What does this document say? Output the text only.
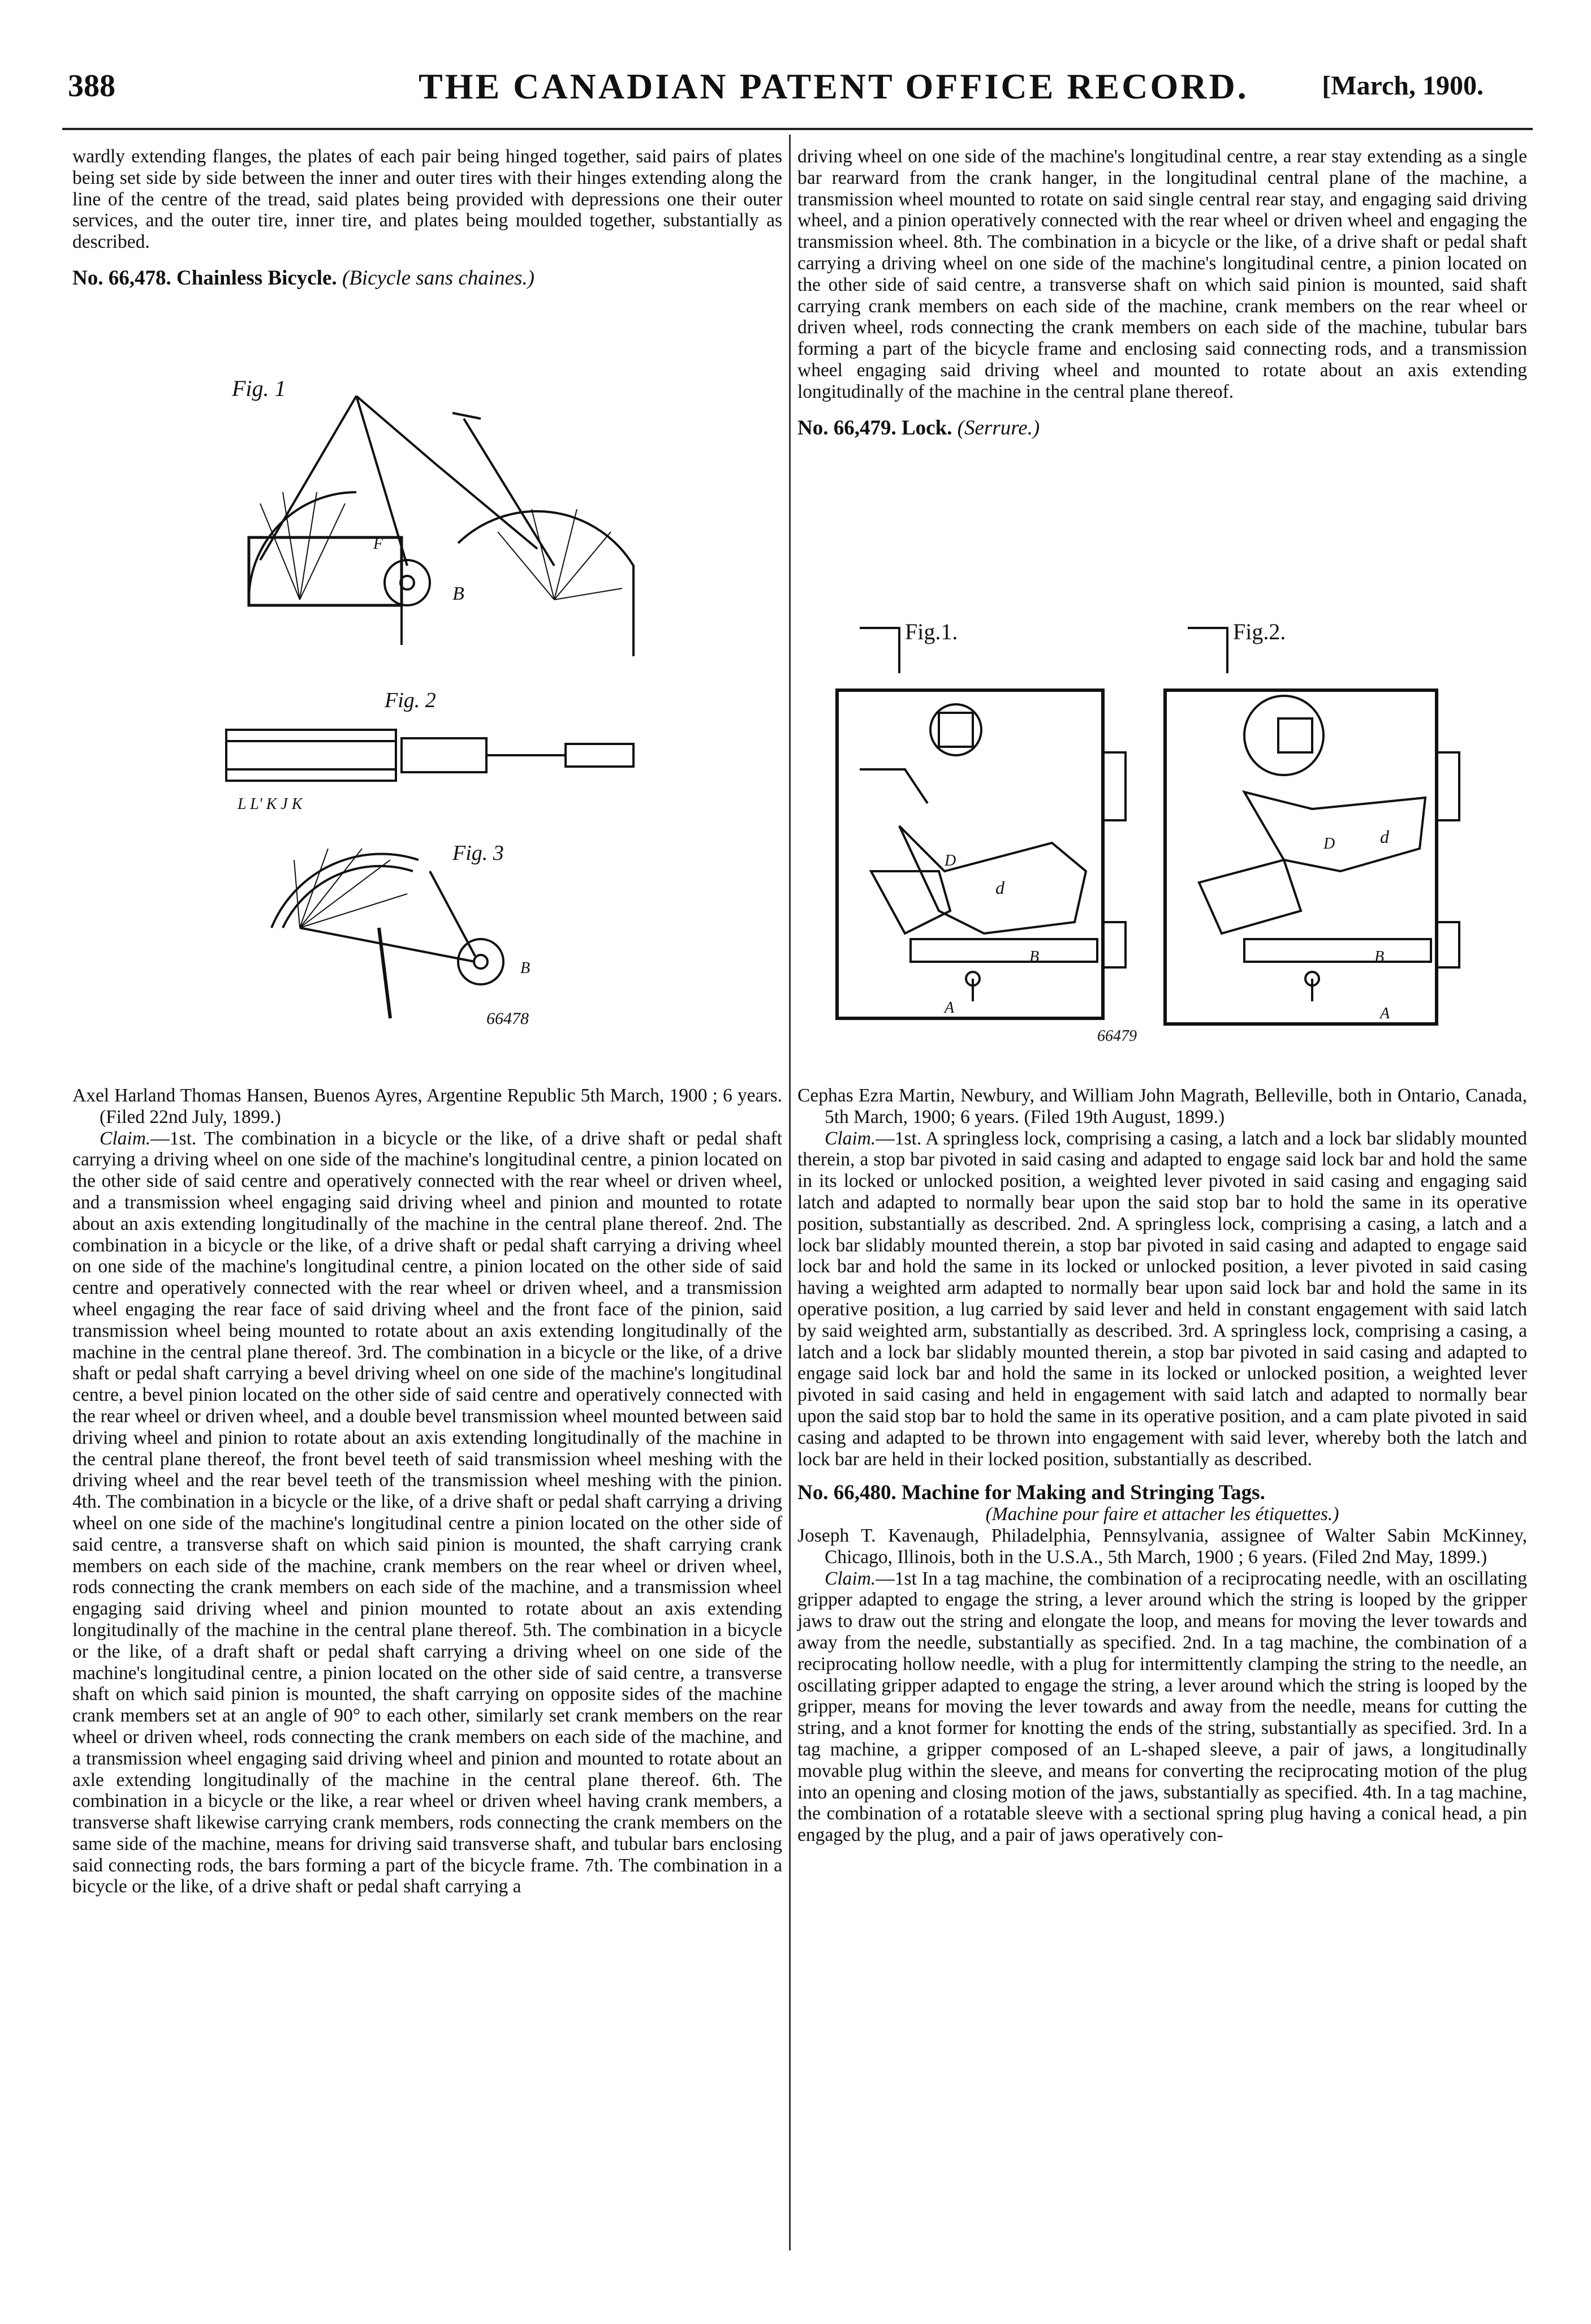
388	THE CANADIAN PATENT OFFICE RECORD.	[March, 1900.

wardly extending flanges, the plates of each pair being hinged together, said pairs of plates being set side by side between the inner and outer tires with their hinges extending along the line of the centre of the tread, said plates being provided with depressions one their outer services, and the outer tire, inner tire, and plates being moulded together, substantially as described.

No. 66,478. Chainless Bicycle. (Bicycle sans chaines.)

Fig. 1
B
F
Fig. 2
L L' K J K
Fig. 3
B
66478

Axel Harland Thomas Hansen, Buenos Ayres, Argentine Republic 5th March, 1900 ; 6 years. (Filed 22nd July, 1899.)

Claim.—1st. The combination in a bicycle or the like, of a drive shaft or pedal shaft carrying a driving wheel on one side of the machine's longitudinal centre, a pinion located on the other side of said centre and operatively connected with the rear wheel or driven wheel, and a transmission wheel engaging said driving wheel and pinion and mounted to rotate about an axis extending longitudinally of the machine in the central plane thereof. 2nd. The combination in a bicycle or the like, of a drive shaft or pedal shaft carrying a driving wheel on one side of the machine's longitudinal centre, a pinion located on the other side of said centre and operatively connected with the rear wheel or driven wheel, and a transmission wheel engaging the rear face of said driving wheel and the front face of the pinion, said transmission wheel being mounted to rotate about an axis extending longitudinally of the machine in the central plane thereof. 3rd. The combination in a bicycle or the like, of a drive shaft or pedal shaft carrying a bevel driving wheel on one side of the machine's longitudinal centre, a bevel pinion located on the other side of said centre and operatively connected with the rear wheel or driven wheel, and a double bevel transmission wheel mounted between said driving wheel and pinion to rotate about an axis extending longitudinally of the machine in the central plane thereof, the front bevel teeth of said transmission wheel meshing with the driving wheel and the rear bevel teeth of the transmission wheel meshing with the pinion. 4th. The combination in a bicycle or the like, of a drive shaft or pedal shaft carrying a driving wheel on one side of the machine's longitudinal centre a pinion located on the other side of said centre, a transverse shaft on which said pinion is mounted, the shaft carrying crank members on each side of the machine, crank members on the rear wheel or driven wheel, rods connecting the crank members on each side of the machine, and a transmission wheel engaging said driving wheel and pinion mounted to rotate about an axis extending longitudinally of the machine in the central plane thereof. 5th. The combination in a bicycle or the like, of a draft shaft or pedal shaft carrying a driving wheel on one side of the machine's longitudinal centre, a pinion located on the other side of said centre, a transverse shaft on which said pinion is mounted, the shaft carrying on opposite sides of the machine crank members set at an angle of 90° to each other, similarly set crank members on the rear wheel or driven wheel, rods connecting the crank members on each side of the machine, and a transmission wheel engaging said driving wheel and pinion and mounted to rotate about an axle extending longitudinally of the machine in the central plane thereof. 6th. The combination in a bicycle or the like, a rear wheel or driven wheel having crank members, a transverse shaft likewise carrying crank members, rods connecting the crank members on the same side of the machine, means for driving said transverse shaft, and tubular bars enclosing said connecting rods, the bars forming a part of the bicycle frame. 7th. The combination in a bicycle or the like, of a drive shaft or pedal shaft carrying a

driving wheel on one side of the machine's longitudinal centre, a rear stay extending as a single bar rearward from the crank hanger, in the longitudinal central plane of the machine, a transmission wheel mounted to rotate on said single central rear stay, and engaging said driving wheel, and a pinion operatively connected with the rear wheel or driven wheel and engaging the transmission wheel. 8th. The combination in a bicycle or the like, of a drive shaft or pedal shaft carrying a driving wheel on one side of the machine's longitudinal centre, a pinion located on the other side of said centre, a transverse shaft on which said pinion is mounted, said shaft carrying crank members on each side of the machine, crank members on the rear wheel or driven wheel, rods connecting the crank members on each side of the machine, tubular bars forming a part of the bicycle frame and enclosing said connecting rods, and a transmission wheel engaging said driving wheel and mounted to rotate about an axis extending longitudinally of the machine in the central plane thereof.

No. 66,479. Lock. (Serrure.)

Fig.1.
d
D
B
A
Fig.2.
D d
B
A
66479

Cephas Ezra Martin, Newbury, and William John Magrath, Belleville, both in Ontario, Canada, 5th March, 1900; 6 years. (Filed 19th August, 1899.)

Claim.—1st. A springless lock, comprising a casing, a latch and a lock bar slidably mounted therein, a stop bar pivoted in said casing and adapted to engage said lock bar and hold the same in its locked or unlocked position, a weighted lever pivoted in said casing and engaging said latch and adapted to normally bear upon the said stop bar to hold the same in its operative position, substantially as described. 2nd. A springless lock, comprising a casing, a latch and a lock bar slidably mounted therein, a stop bar pivoted in said casing and adapted to engage said lock bar and hold the same in its locked or unlocked position, a lever pivoted in said casing having a weighted arm adapted to normally bear upon said lock bar and hold the same in its operative position, a lug carried by said lever and held in constant engagement with said latch by said weighted arm, substantially as described. 3rd. A springless lock, comprising a casing, a latch and a lock bar slidably mounted therein, a stop bar pivoted in said casing and adapted to engage said lock bar and hold the same in its locked or unlocked position, a weighted lever pivoted in said casing and held in engagement with said latch and adapted to normally bear upon the said stop bar to hold the same in its operative position, and a cam plate pivoted in said casing and adapted to be thrown into engagement with said lever, whereby both the latch and lock bar are held in their locked position, substantially as described.

No. 66,480. Machine for Making and Stringing Tags.

(Machine pour faire et attacher les étiquettes.)

Joseph T. Kavenaugh, Philadelphia, Pennsylvania, assignee of Walter Sabin McKinney, Chicago, Illinois, both in the U.S.A., 5th March, 1900 ; 6 years. (Filed 2nd May, 1899.)

Claim.—1st In a tag machine, the combination of a reciprocating needle, with an oscillating gripper adapted to engage the string, a lever around which the string is looped by the gripper jaws to draw out the string and elongate the loop, and means for moving the lever towards and away from the needle, substantially as specified. 2nd. In a tag machine, the combination of a reciprocating hollow needle, with a plug for intermittently clamping the string to the needle, an oscillating gripper adapted to engage the string, a lever around which the string is looped by the gripper, means for moving the lever towards and away from the needle, means for cutting the string, and a knot former for knotting the ends of the string, substantially as specified. 3rd. In a tag machine, a gripper composed of an L-shaped sleeve, a pair of jaws, a longitudinally movable plug within the sleeve, and means for converting the reciprocating motion of the plug into an opening and closing motion of the jaws, substantially as specified. 4th. In a tag machine, the combination of a rotatable sleeve with a sectional spring plug having a conical head, a pin engaged by the plug, and a pair of jaws operatively con-
